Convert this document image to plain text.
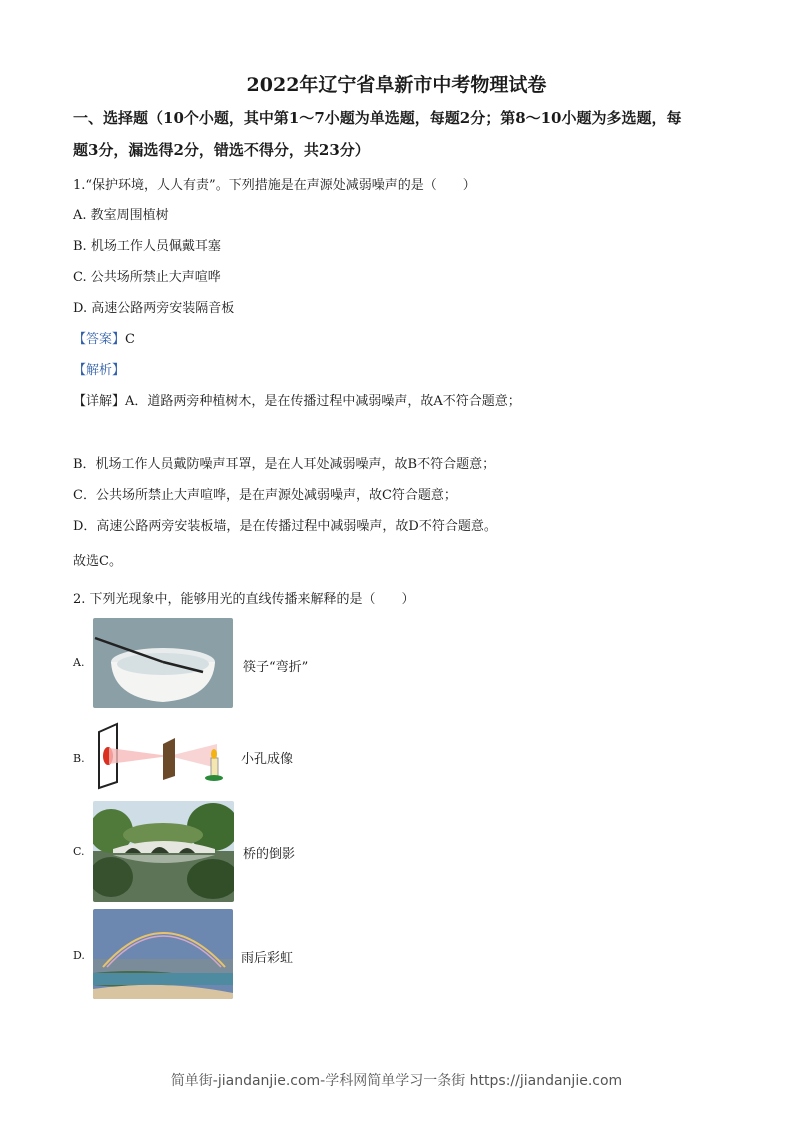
2022年辽宁省阜新市中考物理试卷
一、选择题（10个小题，其中第1～7小题为单选题，每题2分；第8～10小题为多选题，每
题3分，漏选得2分，错选不得分，共23分）
1.“保护环境，人人有责”。下列措施是在声源处减弱噪声的是（　　）
A. 教室周围植树
B. 机场工作人员佩戴耳塞
C. 公共场所禁止大声喧哗
D. 高速公路两旁安装隔音板
【答案】C
【解析】
【详解】A．道路两旁种植树木，是在传播过程中减弱噪声，故A不符合题意；
B．机场工作人员戴防噪声耳罩，是在人耳处减弱噪声，故B不符合题意；
C．公共场所禁止大声喧哗，是在声源处减弱噪声，故C符合题意；
D．高速公路两旁安装板墙，是在传播过程中减弱噪声，故D不符合题意。
故选C。
2. 下列光现象中，能够用光的直线传播来解释的是（　　）
A.	筷子“弯折”
B.	小孔成像
C.	桥的倒影
D.	雨后彩虹
简单街-jiandanjie.com-学科网简单学习一条街 https://jiandanjie.com
